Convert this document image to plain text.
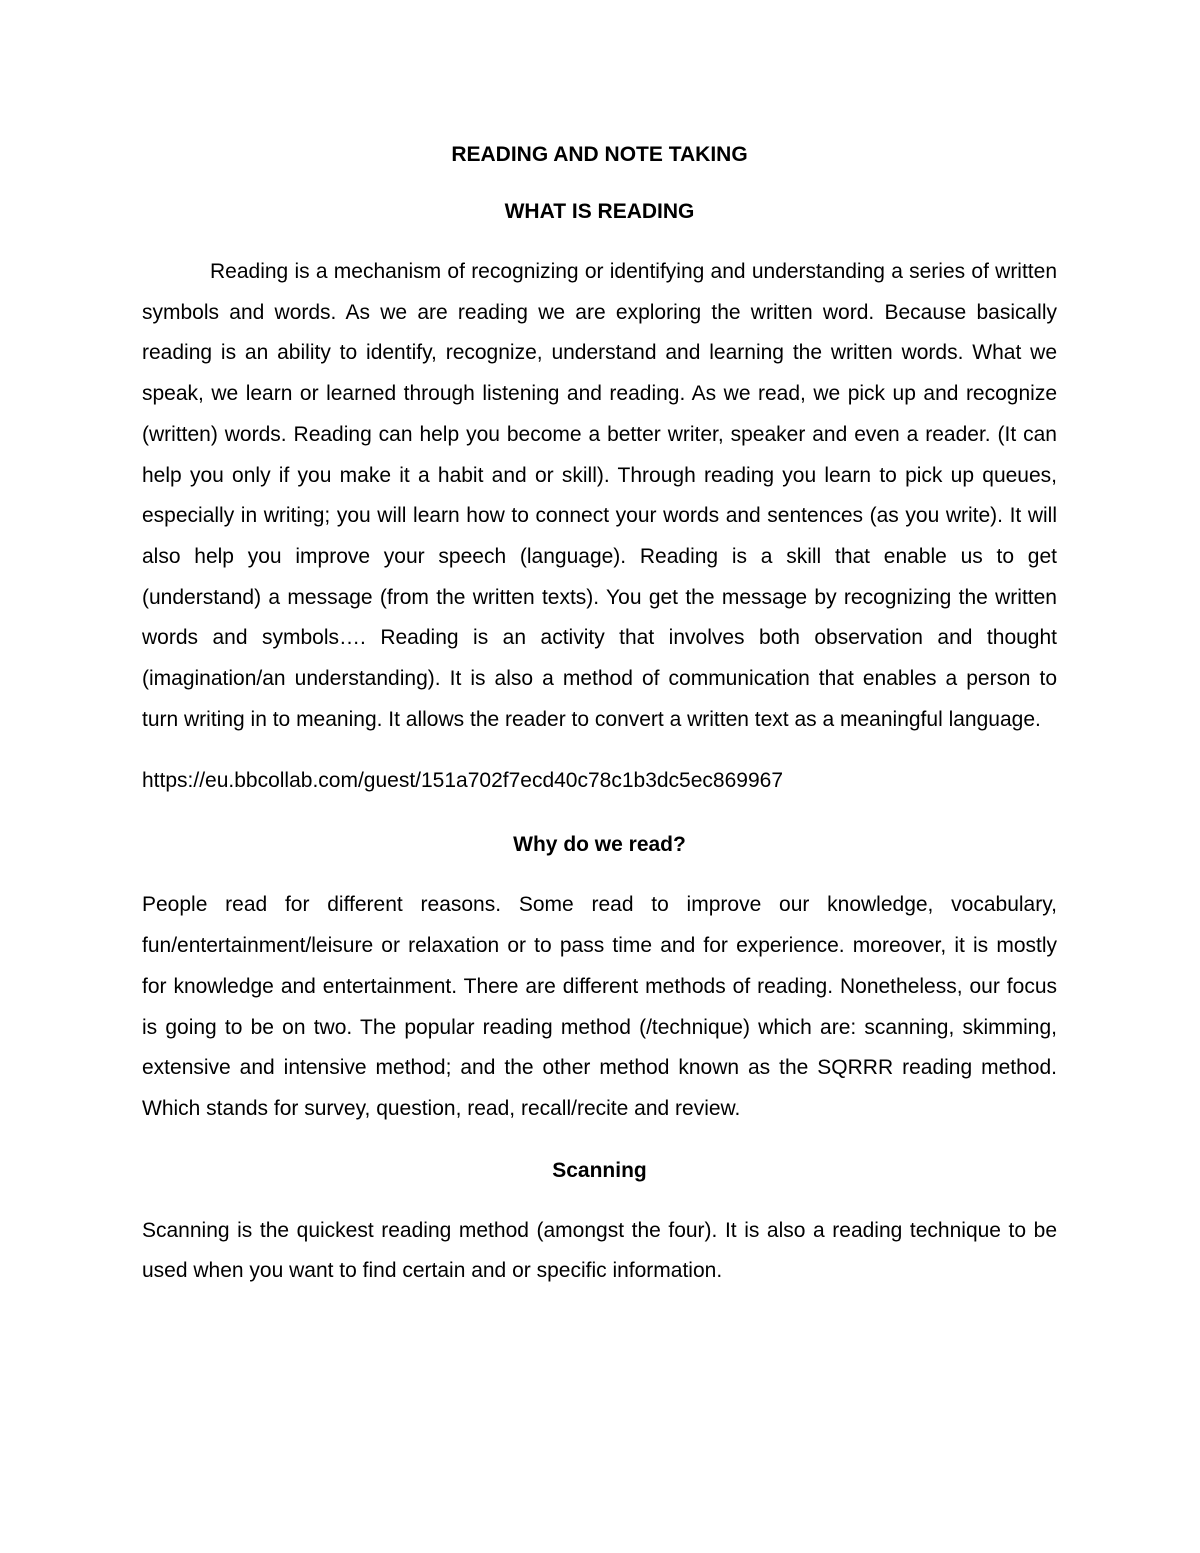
READING AND NOTE TAKING
WHAT IS READING

Reading is a mechanism of recognizing or identifying and understanding a series of written symbols and words. As we are reading we are exploring the written word. Because basically reading is an ability to identify, recognize, understand and learning the written words. What we speak, we learn or learned through listening and reading. As we read, we pick up and recognize (written) words. Reading can help you become a better writer, speaker and even a reader. (It can help you only if you make it a habit and or skill). Through reading you learn to pick up queues, especially in writing; you will learn how to connect your words and sentences (as you write). It will also help you improve your speech (language). Reading is a skill that enable us to get (understand) a message (from the written texts). You get the message by recognizing the written words and symbols…. Reading is an activity that involves both observation and thought (imagination/an understanding). It is also a method of communication that enables a person to turn writing in to meaning. It allows the reader to convert a written text as a meaningful language.

https://eu.bbcollab.com/guest/151a702f7ecd40c78c1b3dc5ec869967

Why do we read?

People read for different reasons. Some read to improve our knowledge, vocabulary, fun/entertainment/leisure or relaxation or to pass time and for experience. moreover, it is mostly for knowledge and entertainment. There are different methods of reading. Nonetheless, our focus is going to be on two. The popular reading method (/technique) which are: scanning, skimming, extensive and intensive method; and the other method known as the SQRRR reading method. Which stands for survey, question, read, recall/recite and review.

Scanning

Scanning is the quickest reading method (amongst the four). It is also a reading technique to be used when you want to find certain and or specific information.
